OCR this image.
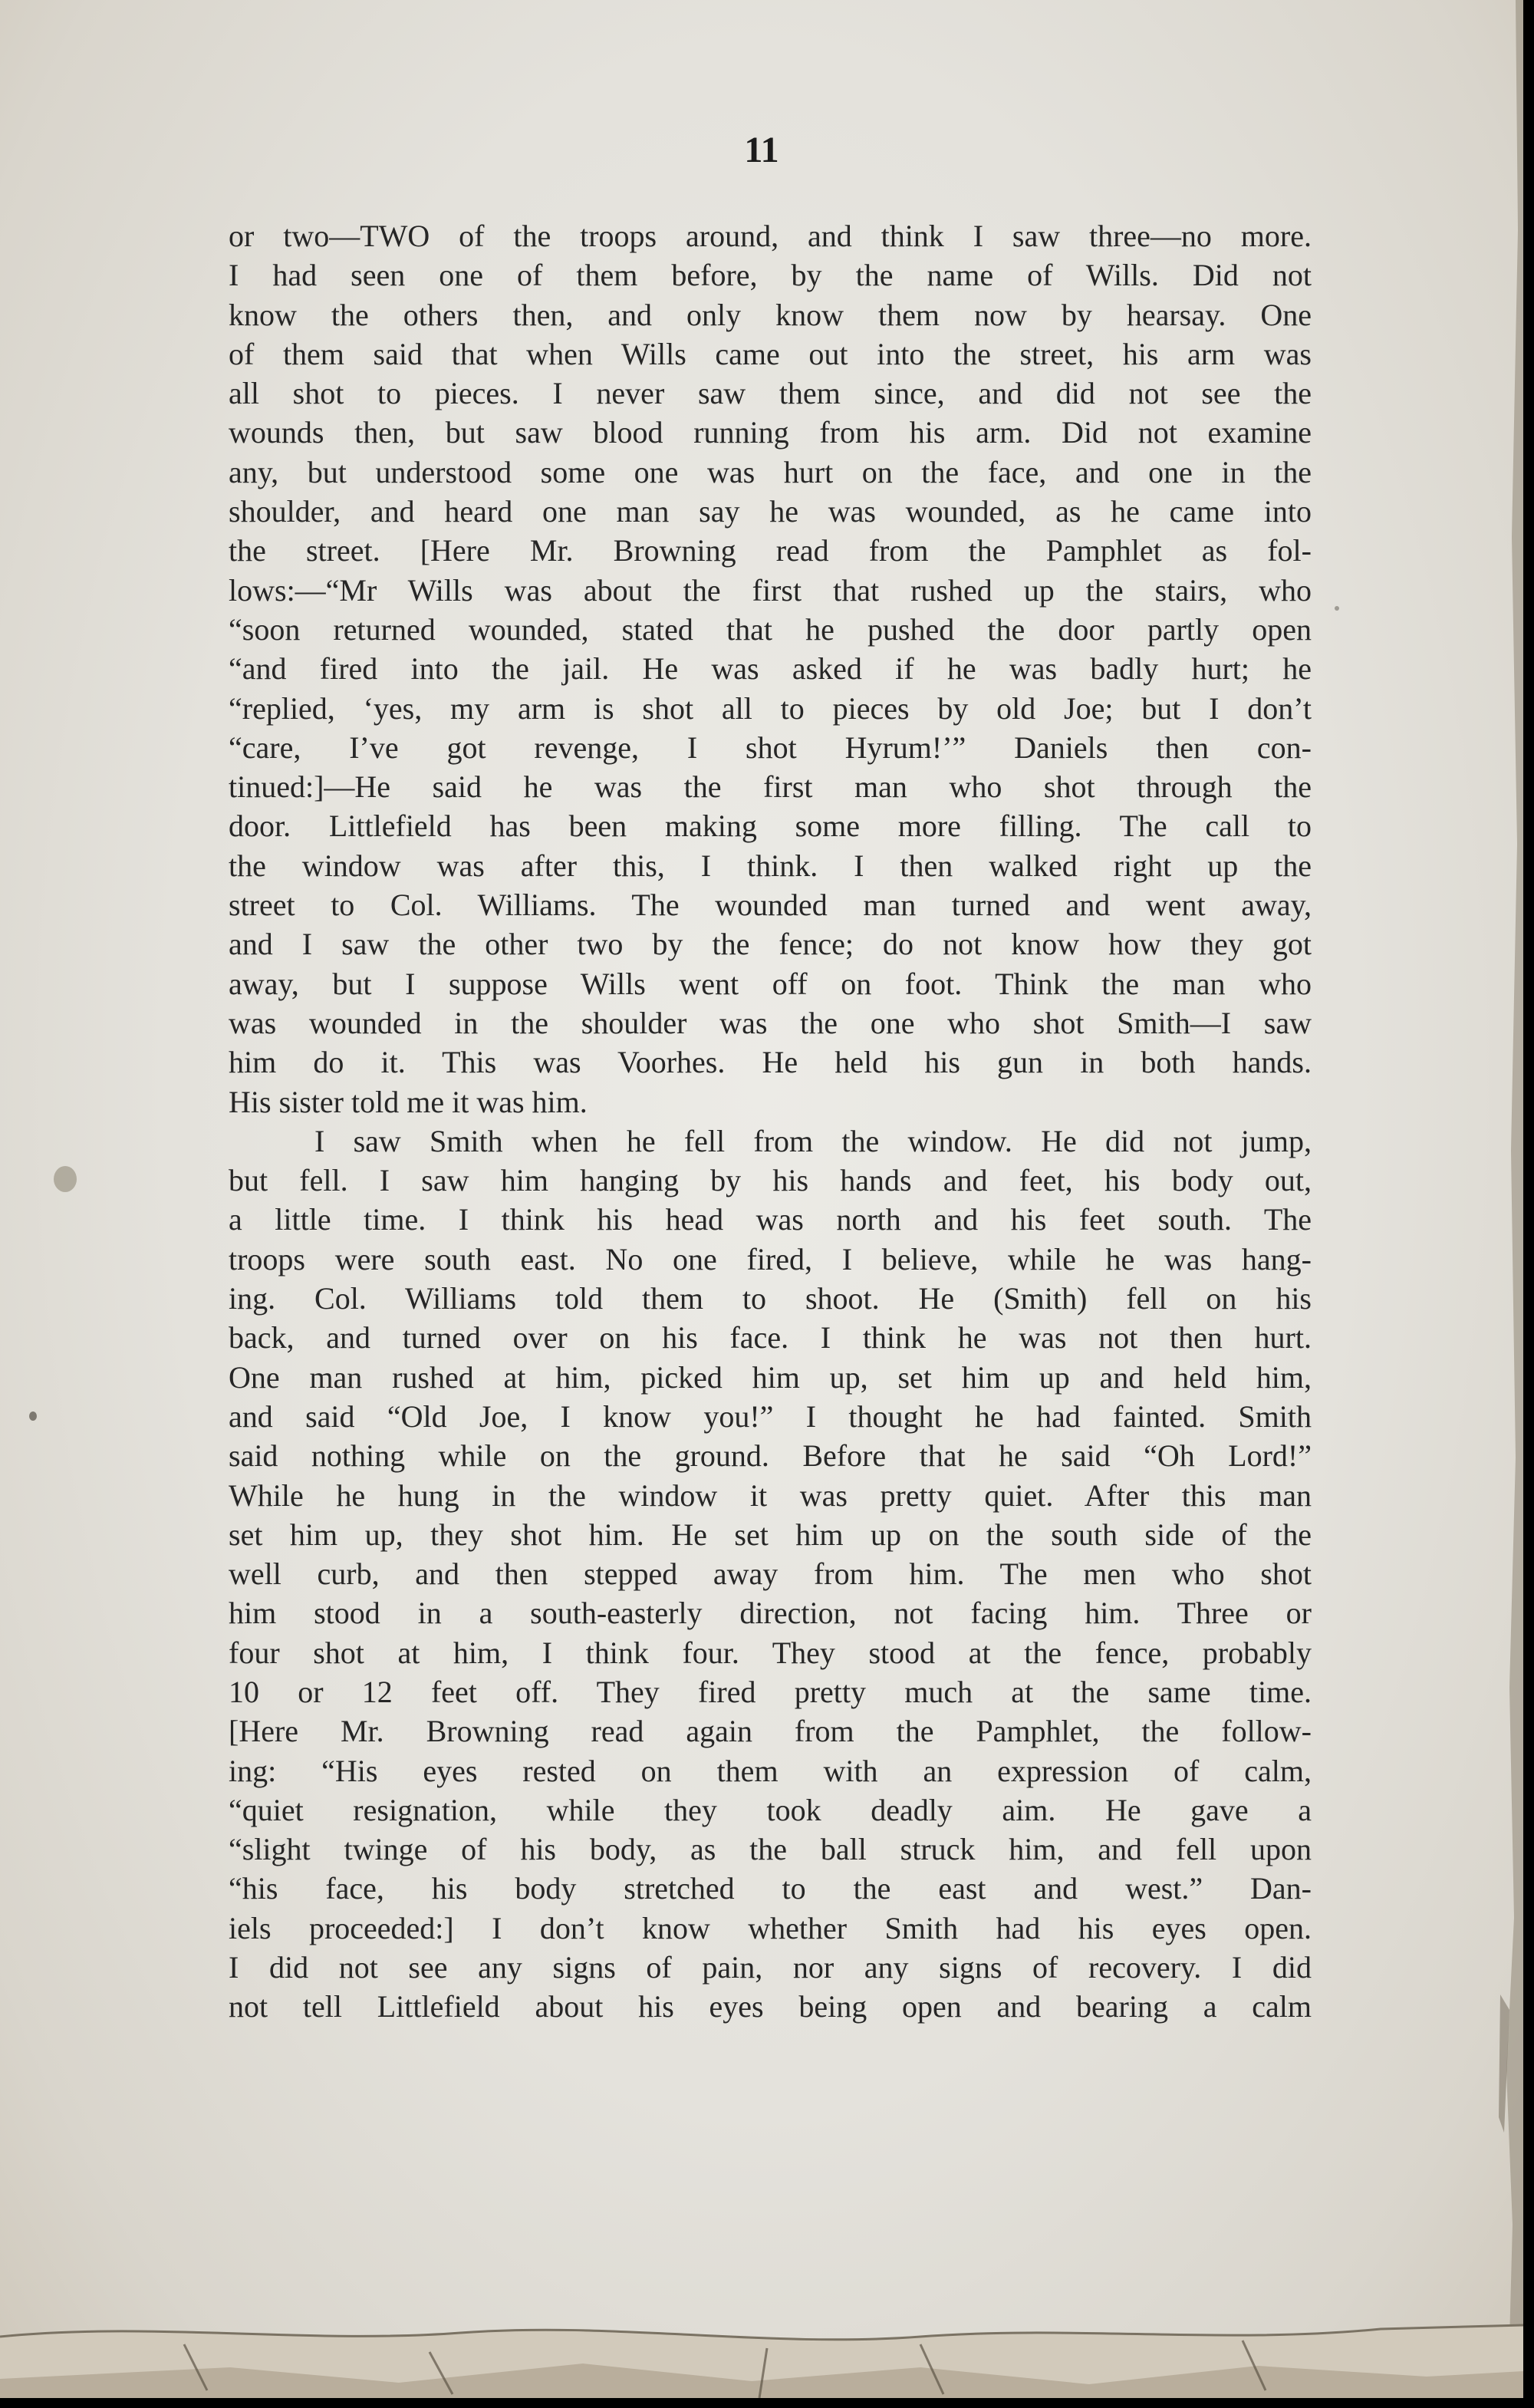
11

or two—TWO of the troops around, and think I saw three—no more.
I had seen one of them before, by the name of Wills. Did not
know the others then, and only know them now by hearsay. One
of them said that when Wills came out into the street, his arm was
all shot to pieces. I never saw them since, and did not see the
wounds then, but saw blood running from his arm. Did not examine
any, but understood some one was hurt on the face, and one in the
shoulder, and heard one man say he was wounded, as he came into
the street. [Here Mr. Browning read from the Pamphlet as fol-
lows:—“Mr Wills was about the first that rushed up the stairs, who
“soon returned wounded, stated that he pushed the door partly open
“and fired into the jail. He was asked if he was badly hurt; he
“replied, ‘yes, my arm is shot all to pieces by old Joe; but I don’t
“care, I’ve got revenge, I shot Hyrum!’” Daniels then con-
tinued:]—He said he was the first man who shot through the
door. Littlefield has been making some more filling. The call to
the window was after this, I think. I then walked right up the
street to Col. Williams. The wounded man turned and went away,
and I saw the other two by the fence; do not know how they got
away, but I suppose Wills went off on foot. Think the man who
was wounded in the shoulder was the one who shot Smith—I saw
him do it. This was Voorhes. He held his gun in both hands.
His sister told me it was him.

I saw Smith when he fell from the window. He did not jump,
but fell. I saw him hanging by his hands and feet, his body out,
a little time. I think his head was north and his feet south. The
troops were south east. No one fired, I believe, while he was hang-
ing. Col. Williams told them to shoot. He (Smith) fell on his
back, and turned over on his face. I think he was not then hurt.
One man rushed at him, picked him up, set him up and held him,
and said “Old Joe, I know you!” I thought he had fainted. Smith
said nothing while on the ground. Before that he said “Oh Lord!”
While he hung in the window it was pretty quiet. After this man
set him up, they shot him. He set him up on the south side of the
well curb, and then stepped away from him. The men who shot
him stood in a south-easterly direction, not facing him. Three or
four shot at him, I think four. They stood at the fence, probably
10 or 12 feet off. They fired pretty much at the same time.
[Here Mr. Browning read again from the Pamphlet, the follow-
ing: “His eyes rested on them with an expression of calm,
“quiet resignation, while they took deadly aim. He gave a
“slight twinge of his body, as the ball struck him, and fell upon
“his face, his body stretched to the east and west.” Dan-
iels proceeded:] I don’t know whether Smith had his eyes open.
I did not see any signs of pain, nor any signs of recovery. I did
not tell Littlefield about his eyes being open and bearing a calm
